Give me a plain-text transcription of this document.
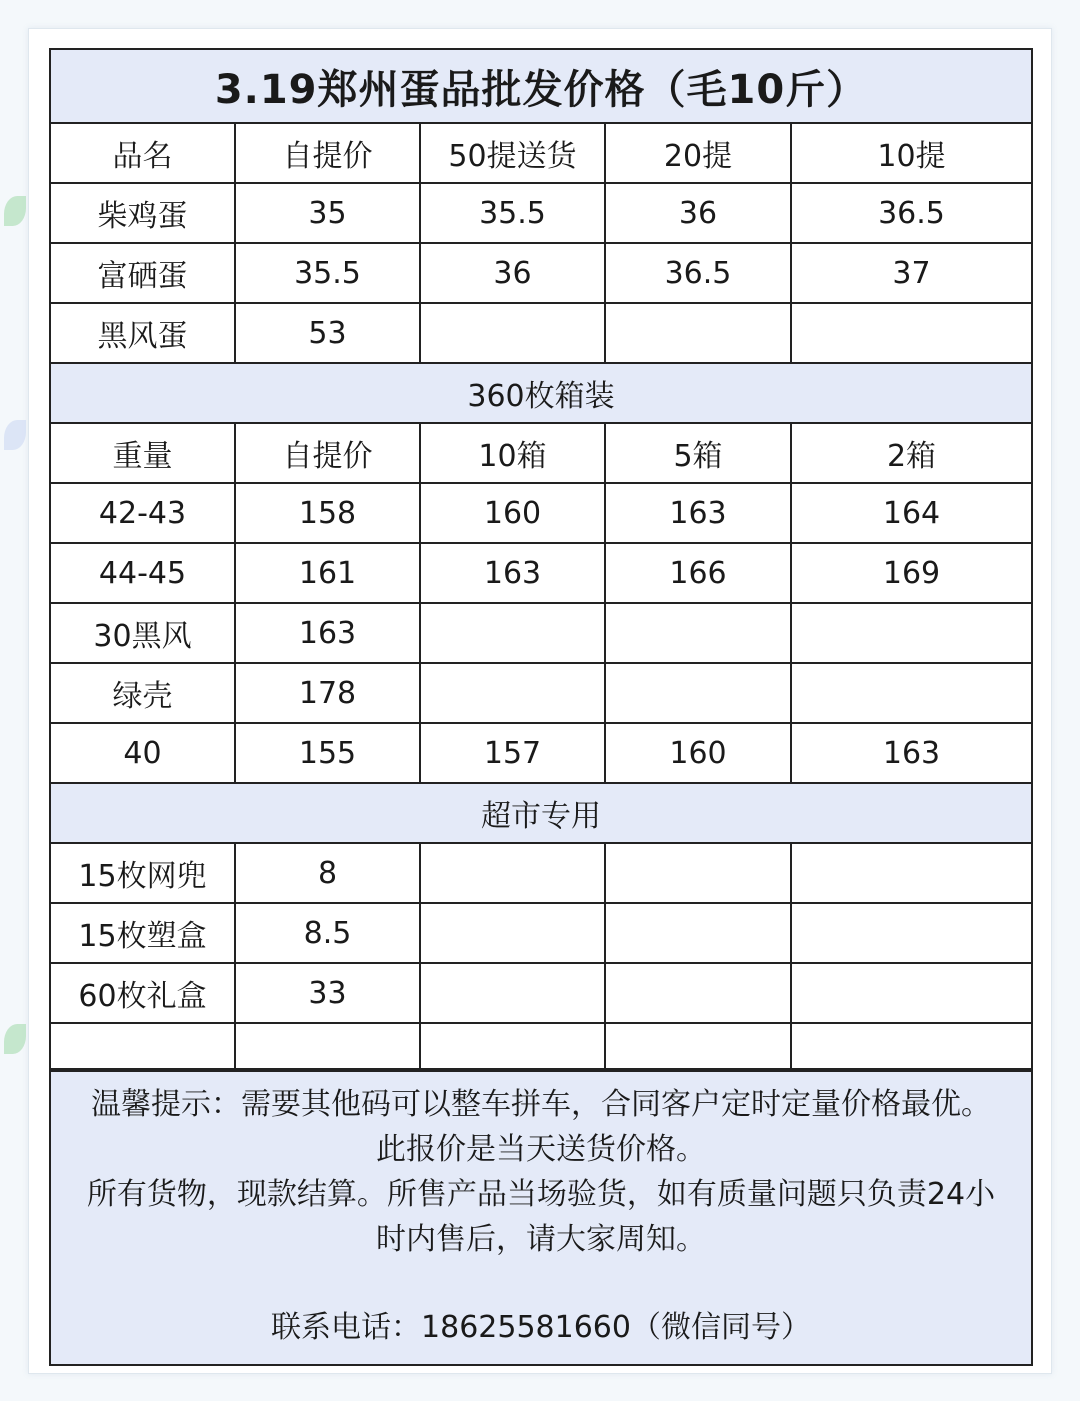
3.19郑州蛋品批发价格（毛10斤）
品名	自提价	50提送货	20提	10提
柴鸡蛋	35	35.5	36	36.5
富硒蛋	35.5	36	36.5	37
黑风蛋	53			
360枚箱装				
重量	自提价	10箱	5箱	2箱
42-43	158	160	163	164
44-45	161	163	166	169
30黑风	163			
绿壳	178			
40	155	157	160	163
超市专用				
15枚网兜	8			
15枚塑盒	8.5			
60枚礼盒	33			

温馨提示：需要其他码可以整车拼车，合同客户定时定量价格最优。
此报价是当天送货价格。
所有货物，现款结算。所售产品当场验货，如有质量问题只负责24小
时内售后，请大家周知。
联系电话：18625581660（微信同号）
